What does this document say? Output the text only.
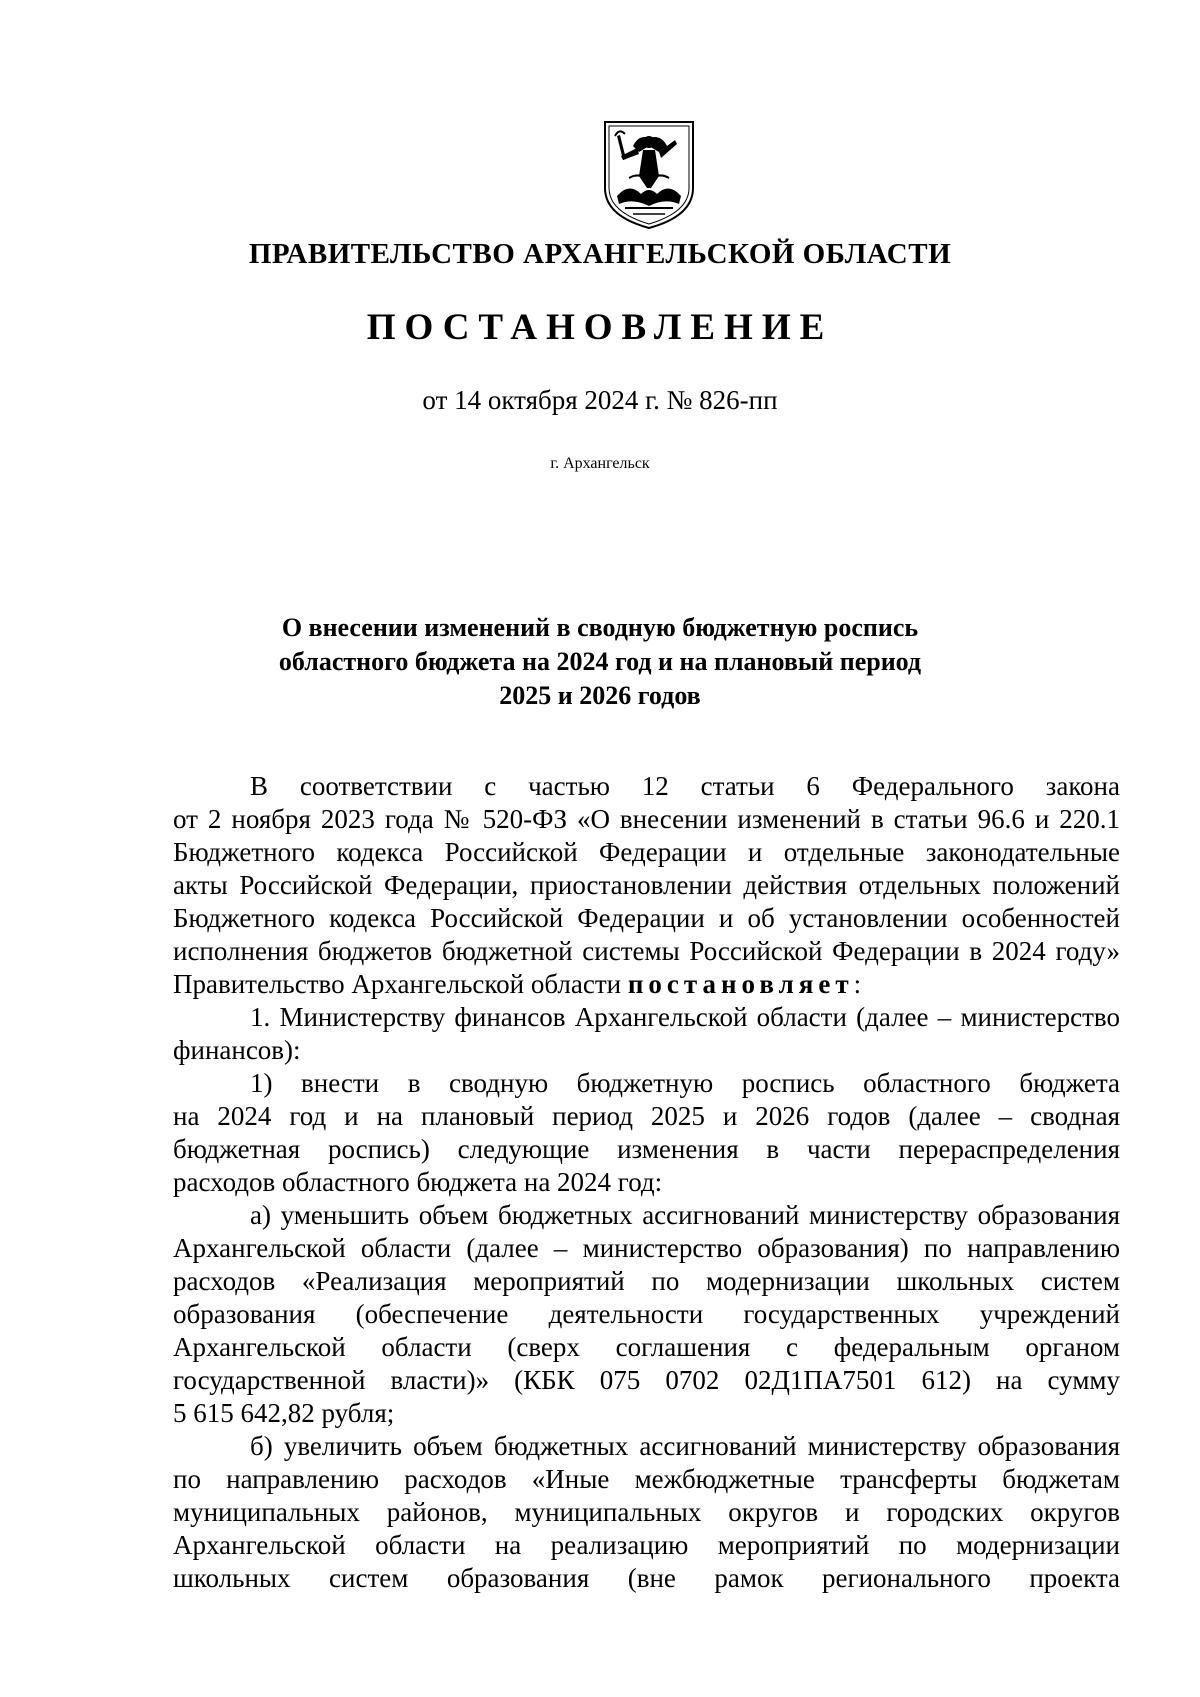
ПРАВИТЕЛЬСТВО АРХАНГЕЛЬСКОЙ ОБЛАСТИ
ПОСТАНОВЛЕНИЕ
от 14 октября 2024 г. № 826-пп
г. Архангельск
О внесении изменений в сводную бюджетную роспись
областного бюджета на 2024 год и на плановый период
2025 и 2026 годов
В соответствии с частью 12 статьи 6 Федерального закона
от 2 ноября 2023 года № 520-ФЗ «О внесении изменений в статьи 96.6 и 220.1
Бюджетного кодекса Российской Федерации и отдельные законодательные
акты Российской Федерации, приостановлении действия отдельных положений
Бюджетного кодекса Российской Федерации и об установлении особенностей
исполнения бюджетов бюджетной системы Российской Федерации в 2024 году»
Правительство Архангельской области постановляет:
1. Министерству финансов Архангельской области (далее – министерство
финансов):
1) внести в сводную бюджетную роспись областного бюджета
на 2024 год и на плановый период 2025 и 2026 годов (далее – сводная
бюджетная роспись) следующие изменения в части перераспределения
расходов областного бюджета на 2024 год:
а) уменьшить объем бюджетных ассигнований министерству образования
Архангельской области (далее – министерство образования) по направлению
расходов «Реализация мероприятий по модернизации школьных систем
образования (обеспечение деятельности государственных учреждений
Архангельской области (сверх соглашения с федеральным органом
государственной власти)» (КБК 075 0702 02Д1ПА7501 612) на сумму
5 615 642,82 рубля;
б) увеличить объем бюджетных ассигнований министерству образования
по направлению расходов «Иные межбюджетные трансферты бюджетам
муниципальных районов, муниципальных округов и городских округов
Архангельской области на реализацию мероприятий по модернизации
школьных систем образования (вне рамок регионального проекта
